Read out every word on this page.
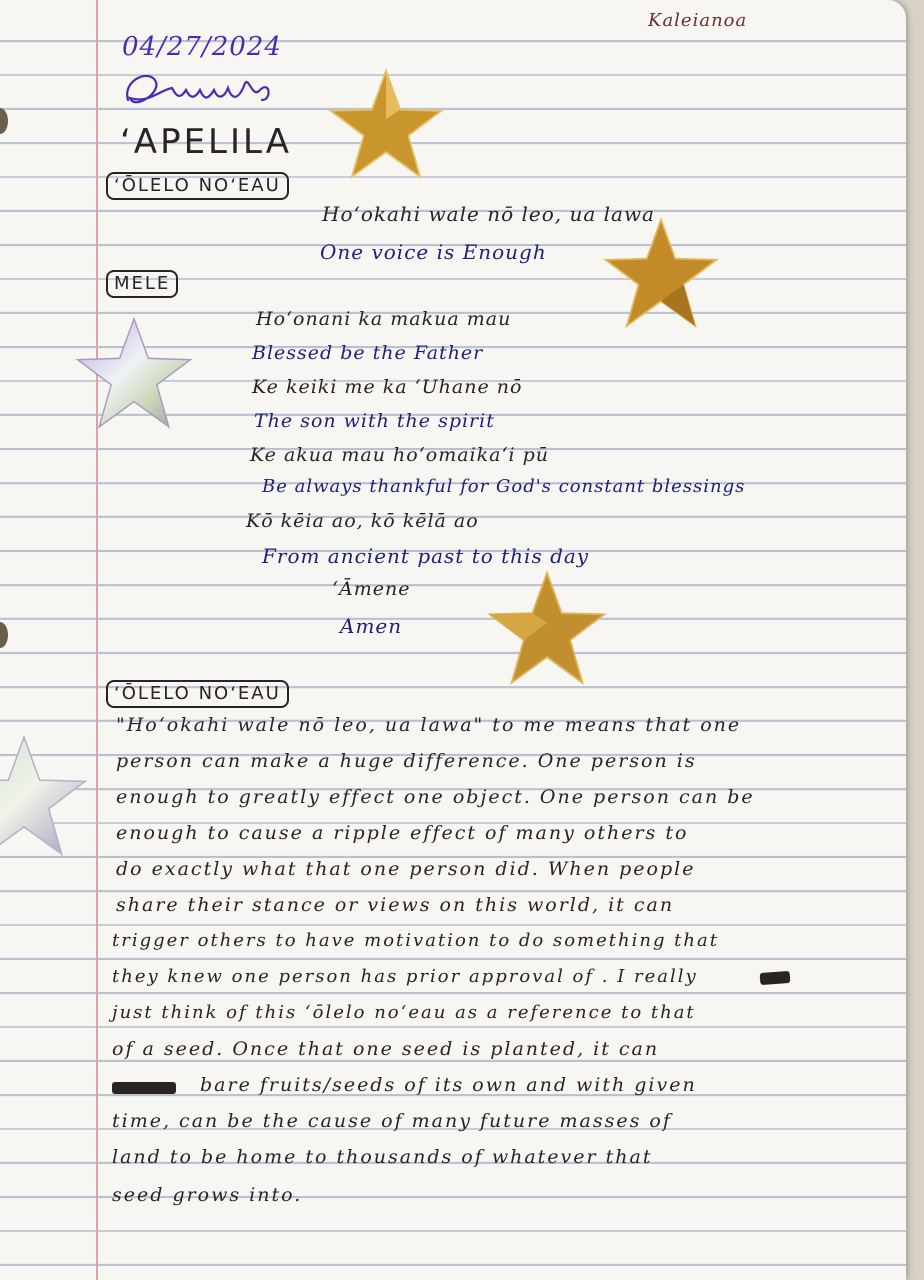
04/27/2024
Kaleianoa
ʻAPELILA
ʻŌLELO NOʻEAU
Hoʻokahi wale nō leo, ua lawa
One voice is Enough
MELE
Hoʻonani ka makua mau
Blessed be the Father
Ke keiki me ka ʻUhane nō
The son with the spirit
Ke akua mau hoʻomaikaʻi pū
Be always thankful for God's constant blessings
Kō kēia ao, kō kēlā ao
From ancient past to this day
ʻĀmene
Amen
ʻŌLELO NOʻEAU
"Hoʻokahi wale nō leo, ua lawa" to me means that one
person can make a huge difference. One person is
enough to greatly effect one object. One person can be
enough to cause a ripple effect of many others to
do exactly what that one person did. When people
share their stance or views on this world, it can
trigger others to have motivation to do something that
they knew one person has prior approval of . I really
just think of this ʻōlelo noʻeau as a reference to that
of a seed. Once that one seed is planted, it can
bare fruits/seeds of its own and with given
time, can be the cause of many future masses of
land to be home to thousands of whatever that
seed grows into.
